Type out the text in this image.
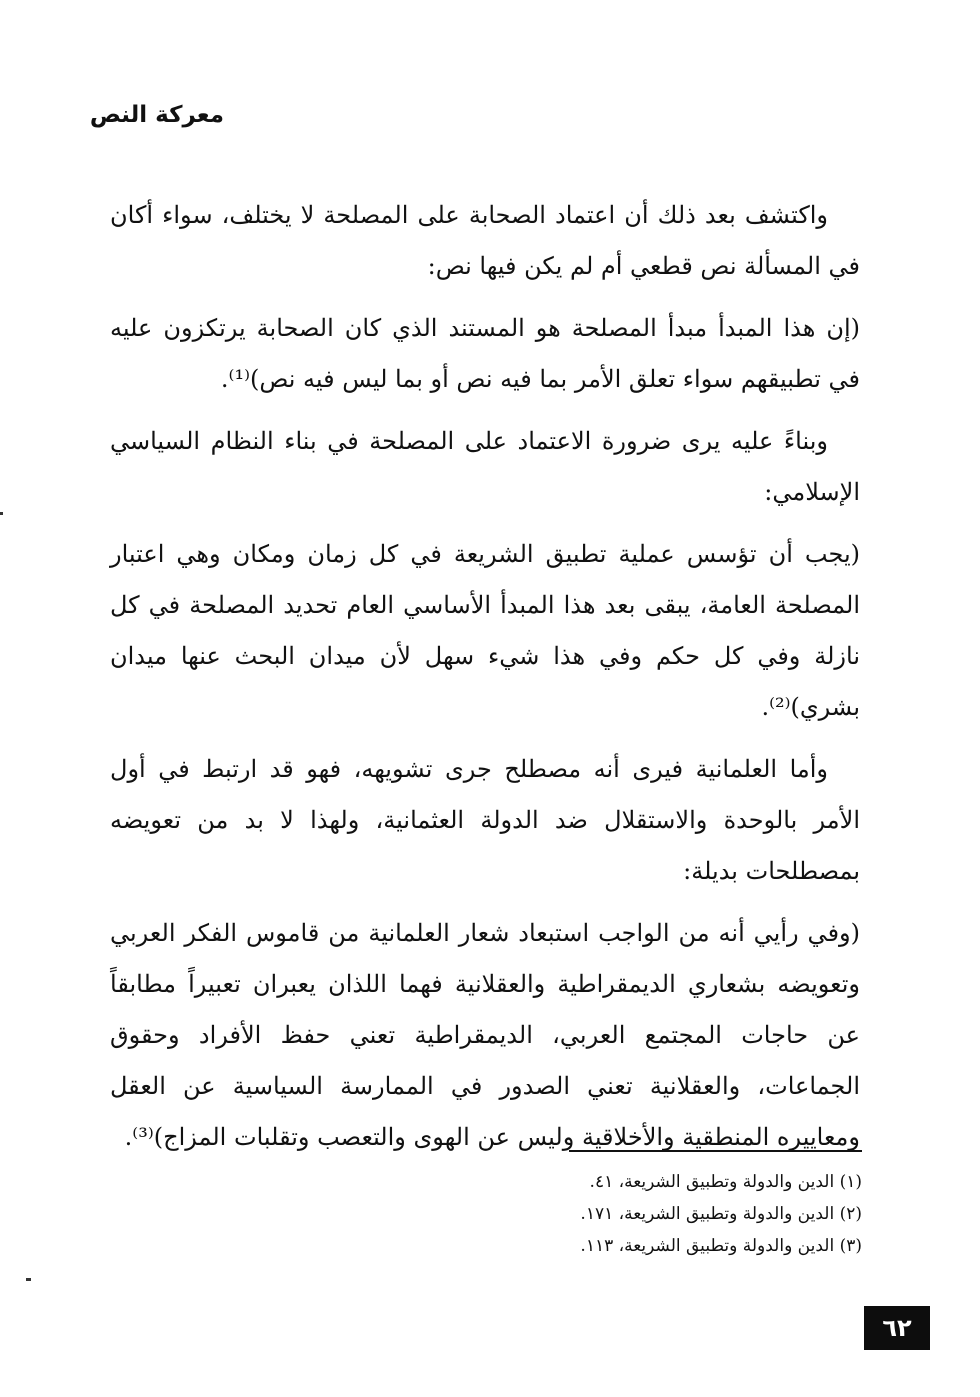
معركة النص

واكتشف بعد ذلك أن اعتماد الصحابة على المصلحة لا يختلف، سواء أكان في المسألة نص قطعي أم لم يكن فيها نص:

(إن هذا المبدأ مبدأ المصلحة هو المستند الذي كان الصحابة يرتكزون عليه في تطبيقهم سواء تعلق الأمر بما فيه نص أو بما ليس فيه نص)⁽¹⁾.

وبناءً عليه يرى ضرورة الاعتماد على المصلحة في بناء النظام السياسي الإسلامي:

(يجب أن تؤسس عملية تطبيق الشريعة في كل زمان ومكان وهي اعتبار المصلحة العامة، يبقى بعد هذا المبدأ الأساسي العام تحديد المصلحة في كل نازلة وفي كل حكم وفي هذا شيء سهل لأن ميدان البحث عنها ميدان بشري)⁽²⁾.

وأما العلمانية فيرى أنه مصطلح جرى تشويهه، فهو قد ارتبط في أول الأمر بالوحدة والاستقلال ضد الدولة العثمانية، ولهذا لا بد من تعويضه بمصطلحات بديلة:

(وفي رأيي أنه من الواجب استبعاد شعار العلمانية من قاموس الفكر العربي وتعويضه بشعاري الديمقراطية والعقلانية فهما اللذان يعبران تعبيراً مطابقاً عن حاجات المجتمع العربي، الديمقراطية تعني حفظ الأفراد وحقوق الجماعات، والعقلانية تعني الصدور في الممارسة السياسية عن العقل ومعاييره المنطقية والأخلاقية وليس عن الهوى والتعصب وتقلبات المزاج)⁽³⁾.

(١) الدين والدولة وتطبيق الشريعة، ٤١.
(٢) الدين والدولة وتطبيق الشريعة، ١٧١.
(٣) الدين والدولة وتطبيق الشريعة، ١١٣.
٦٢
